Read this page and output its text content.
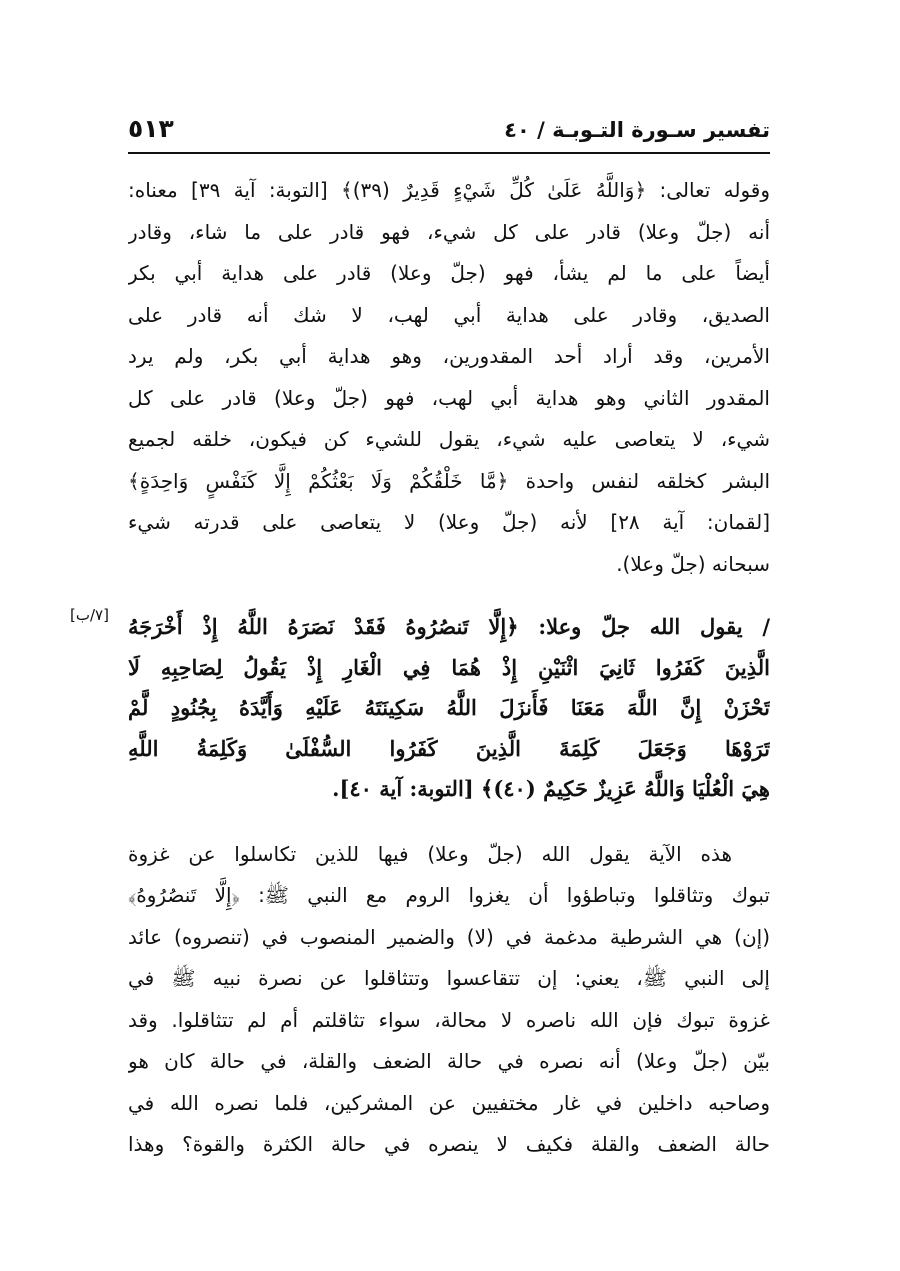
تفسير سـورة التـوبـة / ٤٠
٥١٣
[٧/ب]
وقوله تعالى: ﴿وَاللَّهُ عَلَىٰ كُلِّ شَيْءٍ قَدِيرٌ (٣٩)﴾ [التوبة: آية ٣٩] معناه:
أنه (جلّ وعلا) قادر على كل شيء، فهو قادر على ما شاء، وقادر
أيضاً على ما لم يشأ، فهو (جلّ وعلا) قادر على هداية أبي بكر
الصديق، وقادر على هداية أبي لهب، لا شك أنه قادر على
الأمرين، وقد أراد أحد المقدورين، وهو هداية أبي بكر، ولم يرد
المقدور الثاني وهو هداية أبي لهب، فهو (جلّ وعلا) قادر على كل
شيء، لا يتعاصى عليه شيء، يقول للشيء كن فيكون، خلقه لجميع
البشر كخلقه لنفس واحدة ﴿مَّا خَلْقُكُمْ وَلَا بَعْثُكُمْ إِلَّا كَنَفْسٍ وَاحِدَةٍ﴾
[لقمان: آية ٢٨] لأنه (جلّ وعلا) لا يتعاصى على قدرته شيء
سبحانه (جلّ وعلا).
/ يقول الله جلّ وعلا: ﴿إِلَّا تَنصُرُوهُ فَقَدْ نَصَرَهُ اللَّهُ إِذْ أَخْرَجَهُ
الَّذِينَ كَفَرُوا ثَانِيَ اثْنَيْنِ إِذْ هُمَا فِي الْغَارِ إِذْ يَقُولُ لِصَاحِبِهِ لَا
تَحْزَنْ إِنَّ اللَّهَ مَعَنَا فَأَنزَلَ اللَّهُ سَكِينَتَهُ عَلَيْهِ وَأَيَّدَهُ بِجُنُودٍ لَّمْ
تَرَوْهَا وَجَعَلَ كَلِمَةَ الَّذِينَ كَفَرُوا السُّفْلَىٰ وَكَلِمَةُ اللَّهِ
هِيَ الْعُلْيَا وَاللَّهُ عَزِيزٌ حَكِيمٌ (٤٠)﴾ [التوبة: آية ٤٠].
هذه الآية يقول الله (جلّ وعلا) فيها للذين تكاسلوا عن غزوة
تبوك وتثاقلوا وتباطؤوا أن يغزوا الروم مع النبي ﷺ: ﴿إِلَّا تَنصُرُوهُ﴾
(إن) هي الشرطية مدغمة في (لا) والضمير المنصوب في (تنصروه) عائد
إلى النبي ﷺ، يعني: إن تتقاعسوا وتتثاقلوا عن نصرة نبيه ﷺ في
غزوة تبوك فإن الله ناصره لا محالة، سواء تثاقلتم أم لم تتثاقلوا. وقد
بيّن (جلّ وعلا) أنه نصره في حالة الضعف والقلة، في حالة كان هو
وصاحبه داخلين في غار مختفيين عن المشركين، فلما نصره الله في
حالة الضعف والقلة فكيف لا ينصره في حالة الكثرة والقوة؟ وهذا
